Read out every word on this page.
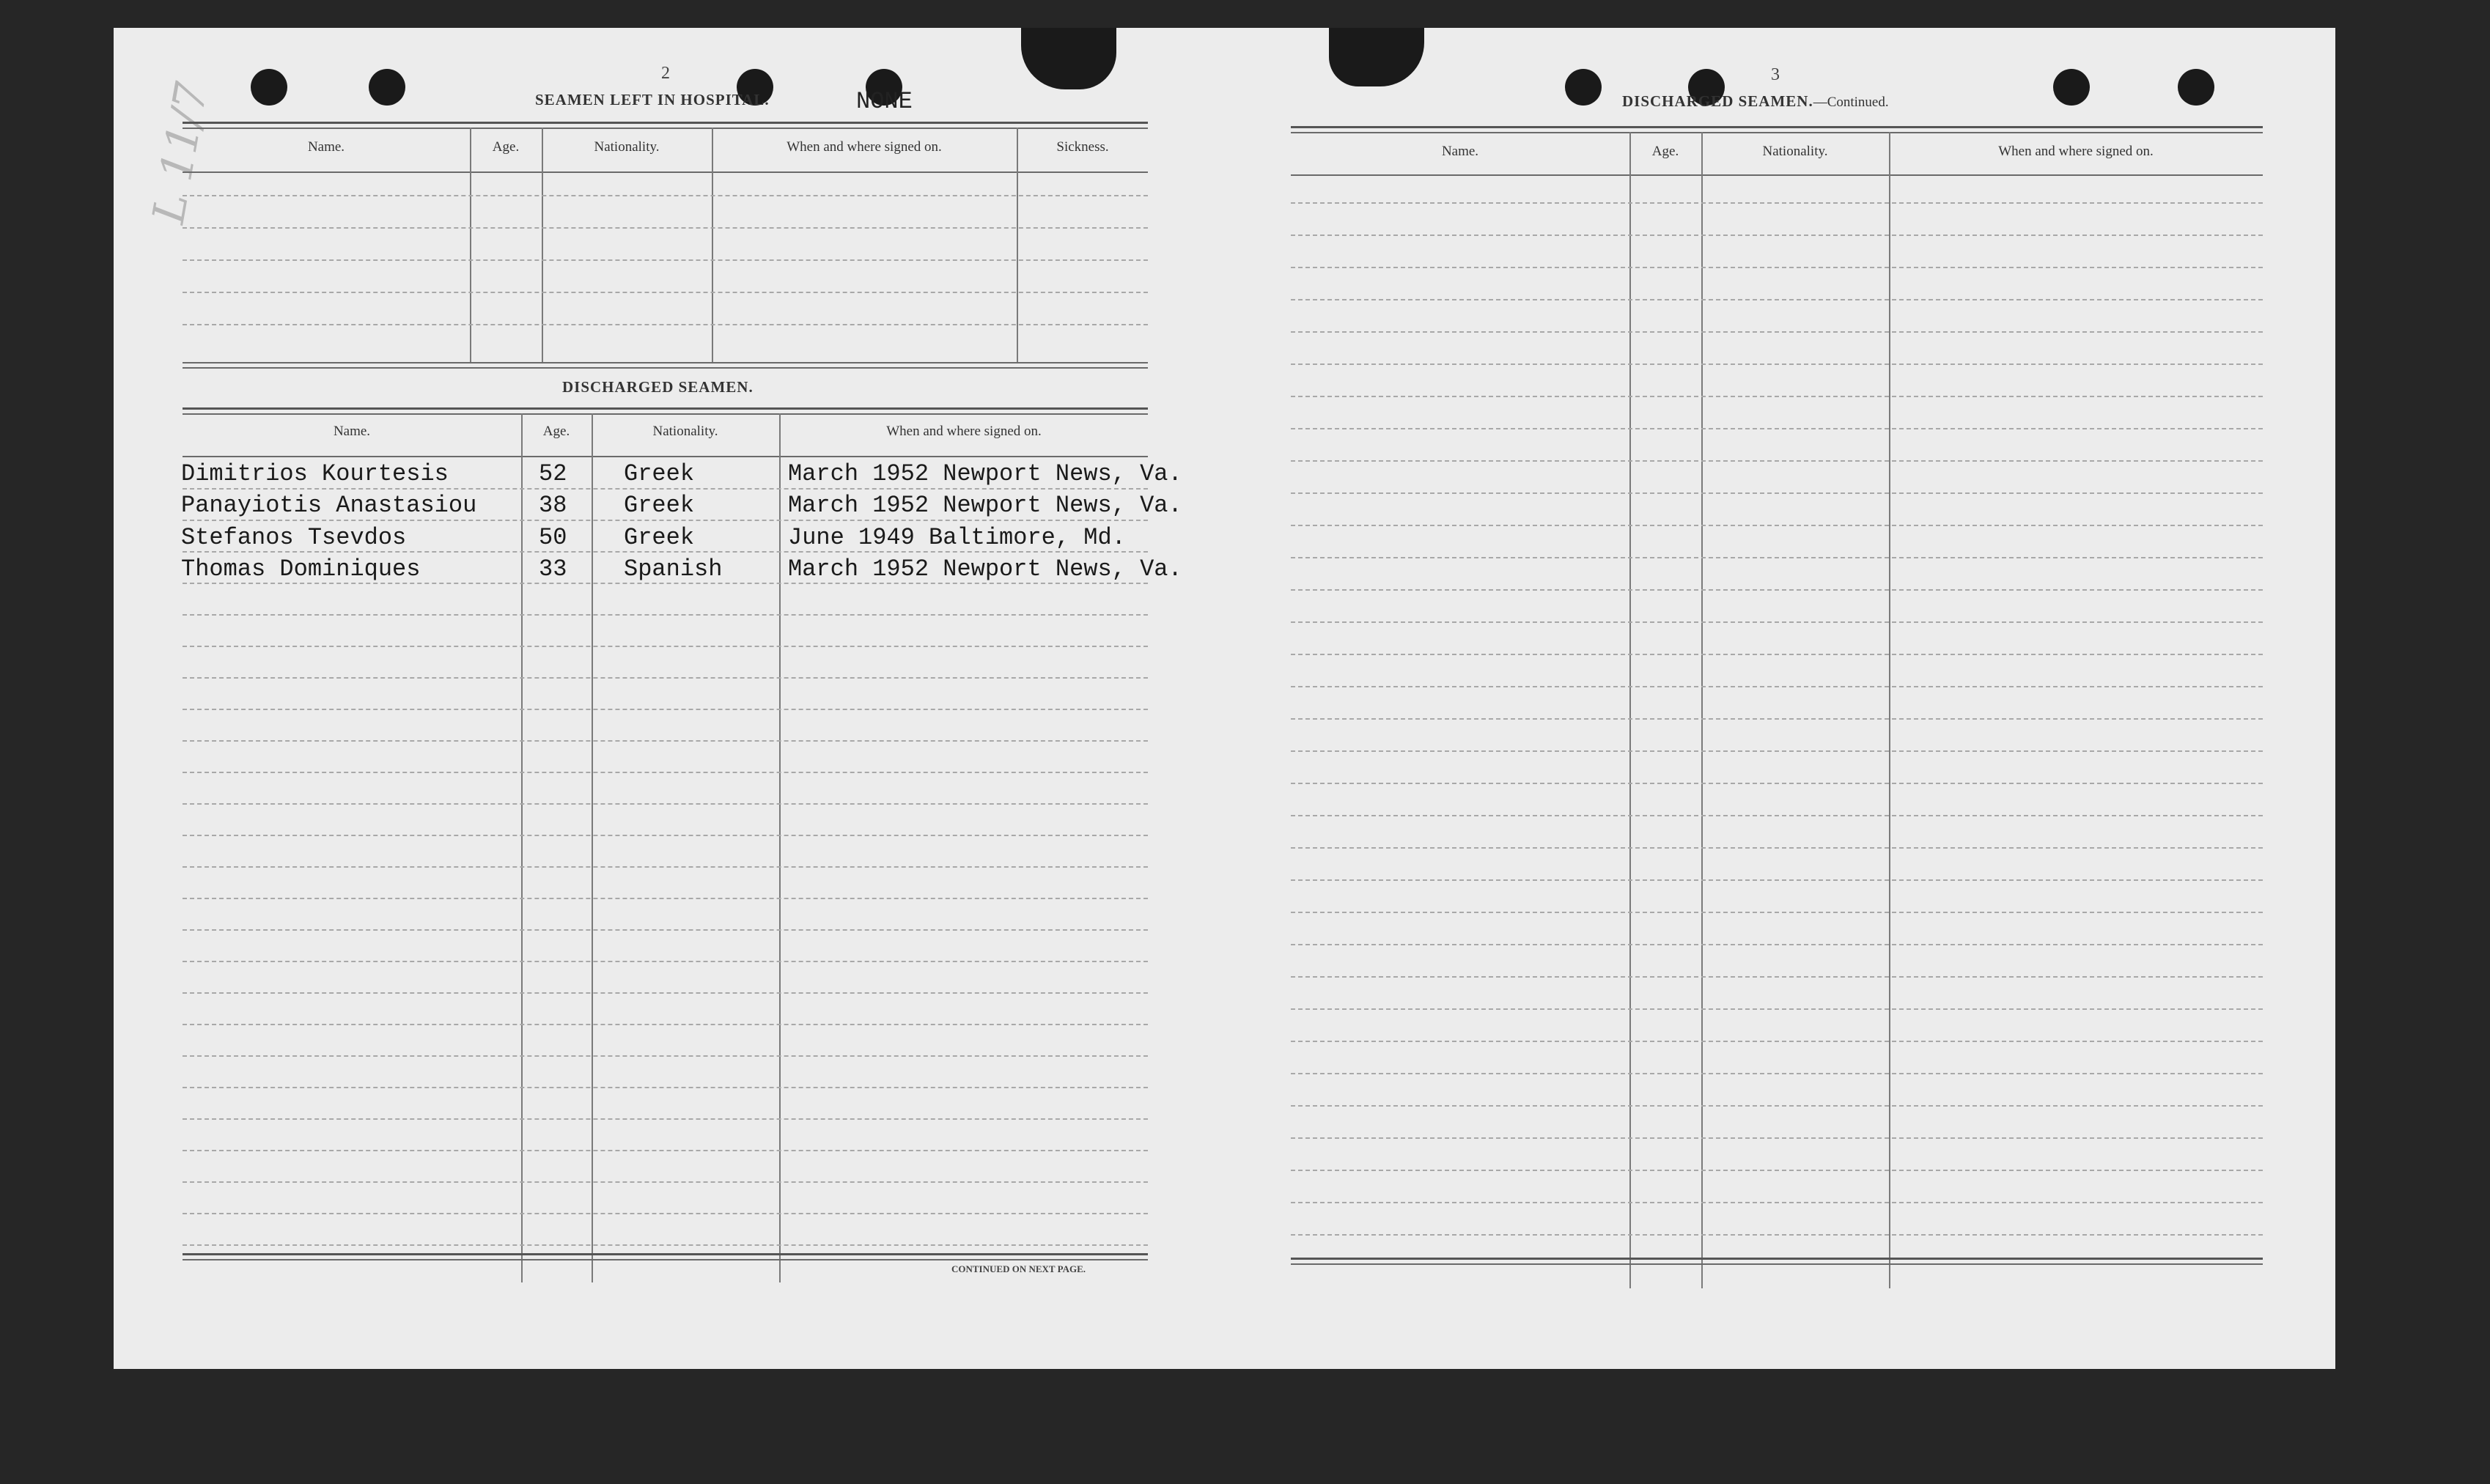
L 11/7
2
SEAMEN LEFT IN HOSPITAL.	NONE
Name.	Age.	Nationality.	When and where signed on.	Sickness.
DISCHARGED SEAMEN.
Name.	Age.	Nationality.	When and where signed on.
Dimitrios Kourtesis	52 Greek	March 1952 Newport News, Va.
Panayiotis Anastasiou	38 Greek	March 1952 Newport News, Va.
Stefanos Tsevdos	50 Greek	June 1949 Baltimore, Md.
Thomas Dominiques	33 Spanish	March 1952 Newport News, Va.
CONTINUED ON NEXT PAGE.
3
DISCHARGED SEAMEN.—Continued.
Name.	Age.	Nationality.	When and where signed on.
